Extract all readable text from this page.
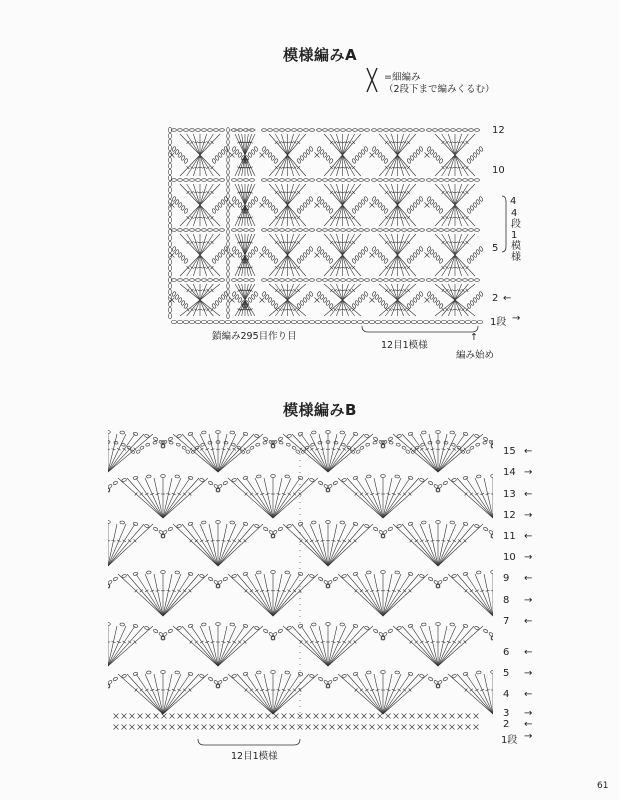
模様編みA
=細編み
（2段下まで編みくるむ）
12
10
5
2 ←
1段 →
4
4段1模様
鎖編み295目作り目
12目1模様
↑
編み始め
模様編みB
15 ←
14 →
13 ←
12 →
11 ←
10 →
9 ←
8 →
7 ←
6 ←
5 →
4 ←
3 →
2 ←
1段 →
12目1模様
61
